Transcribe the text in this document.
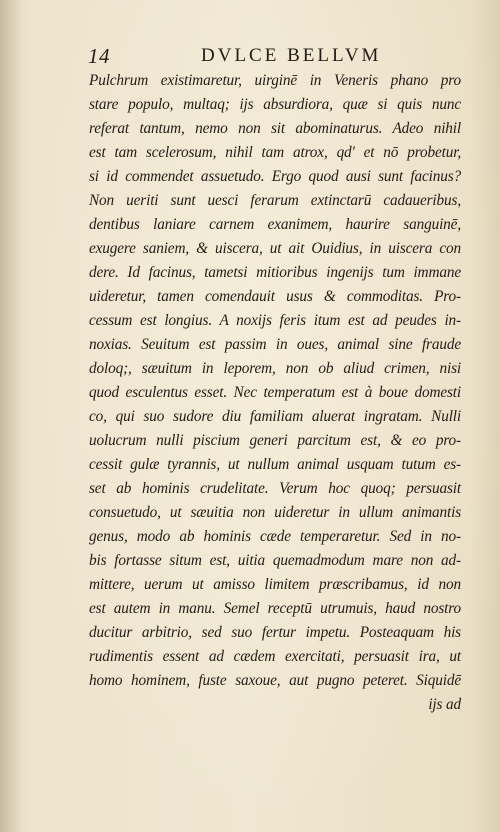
14	DVLCE BELLVM
Pulchrum existimaretur, uirginē in Veneris phano pro
stare populo, multaq; ijs absurdiora, quæ si quis nunc
referat tantum, nemo non sit abominaturus. Adeo nihil
est tam scelerosum, nihil tam atrox, qd' et nō probetur,
si id commendet assuetudo. Ergo quod ausi sunt facinus?
Non ueriti sunt uesci ferarum extinctarū cadaueribus,
dentibus laniare carnem exanimem, haurire sanguinē,
exugere saniem, & uiscera, ut ait Ouidius, in uiscera con
dere. Id facinus, tametsi mitioribus ingenijs tum immane
uideretur, tamen comendauit usus & commoditas. Pro-
cessum est longius. A noxijs feris itum est ad peudes in-
noxias. Seuitum est passim in oues, animal sine fraude
doloq;, sæuitum in leporem, non ob aliud crimen, nisi
quod esculentus esset. Nec temperatum est à boue domesti
co, qui suo sudore diu familiam aluerat ingratam. Nulli
uolucrum nulli piscium generi parcitum est, & eo pro-
cessit gulæ tyrannis, ut nullum animal usquam tutum es-
set ab hominis crudelitate. Verum hoc quoq; persuasit
consuetudo, ut sæuitia non uideretur in ullum animantis
genus, modo ab hominis cæde temperaretur. Sed in no-
bis fortasse situm est, uitia quemadmodum mare non ad-
mittere, uerum ut amisso limitem præscribamus, id non
est autem in manu. Semel receptū utrumuis, haud nostro
ducitur arbitrio, sed suo fertur impetu. Posteaquam his
rudimentis essent ad cædem exercitati, persuasit ira, ut
homo hominem, fuste saxoue, aut pugno peteret. Siquidē
ijs ad
